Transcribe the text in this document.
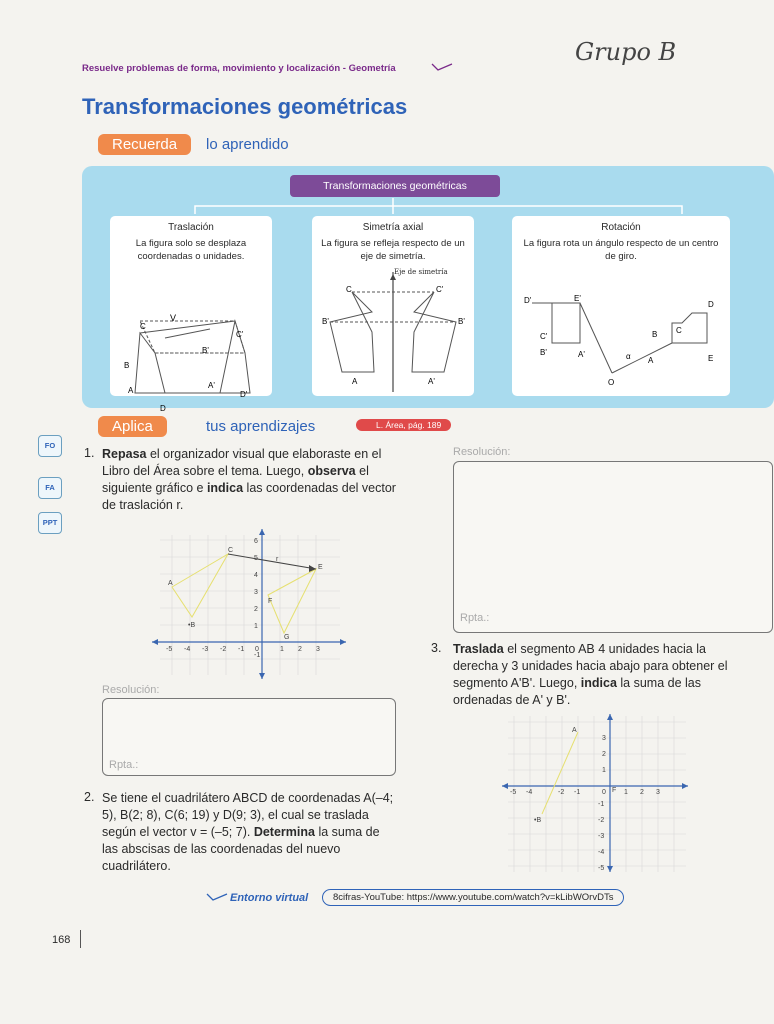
Grupo B
Resuelve problemas de forma, movimiento y localización - Geometría
Transformaciones geométricas
Recuerda	lo aprendido
Transformaciones geométricas
Traslación
La figura solo se desplaza coordenadas o unidades.
V
C
B'
C'
B
A
A'
D'
D
Simetría axial
La figura se refleja respecto de un eje de simetría.
Eje de simetría
C	C'
B'	B'
A	A'
Rotación
La figura rota un ángulo respecto de un centro de giro.
D'	E'
C'
B'	A'
O
A
B C
D
E
α
Aplica	tus aprendizajes	L. Área, pág. 189
FO
FA
PPT
1. Repasa el organizador visual que elaboraste en el Libro del Área sobre el tema. Luego, observa el siguiente gráfico e indica las coordenadas del vector de traslación r.
-5 -4 -3 -2 -1 0	1 2 3
6
5
4
3
2
1
-1
A
C
•B
E
F
G
r
Resolución:
Rpta.:
2. Se tiene el cuadrilátero ABCD de coordenadas A(–4; 5), B(2; 8), C(6; 19) y D(9; 3), el cual se trasladа según el vector v = (–5; 7). Determina la suma de las abscisas de las coordenadas del nuevo cuadrilátero.
Resolución:
Rpta.:
3. Traslada el segmento AB 4 unidades hacia la derecha y 3 unidades hacia abajo para obtener el segmento A'B'. Luego, indica la suma de las ordenadas de A' y B'.
-5 -4	-2 -1	0	1 2 3
3
2
1
-1
-2
-3
-4
-5
A
•B
F
Entorno virtual	8cifras-YouTube: https://www.youtube.com/watch?v=kLibWOrvDTs
168
